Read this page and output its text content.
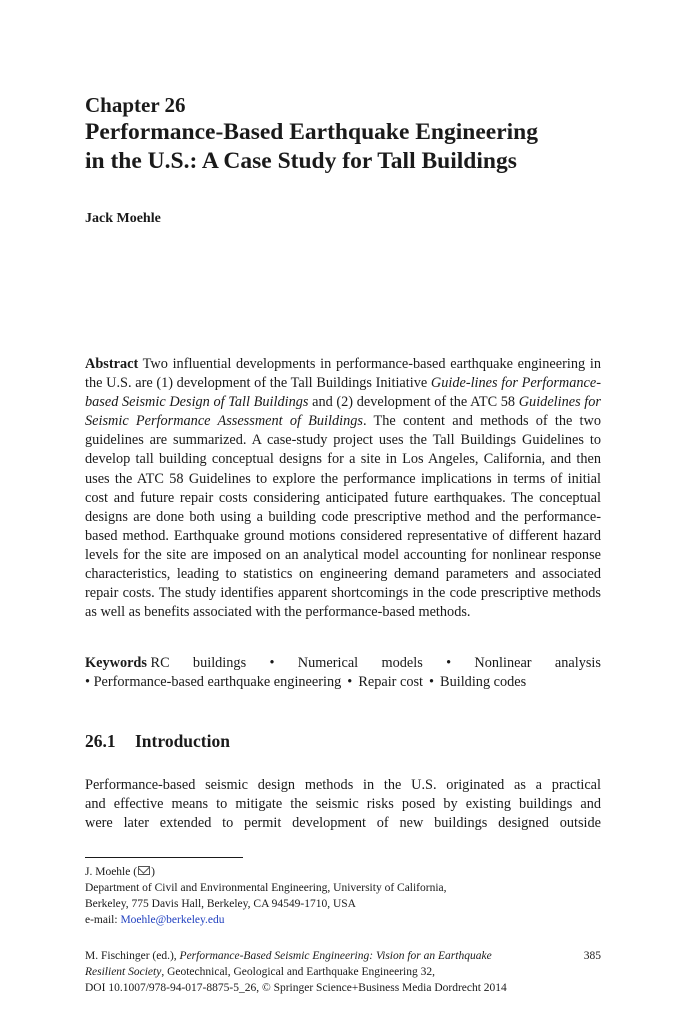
Chapter 26
Performance-Based Earthquake Engineering
in the U.S.: A Case Study for Tall Buildings
Jack Moehle
Abstract Two influential developments in performance-based earthquake engineering in the U.S. are (1) development of the Tall Buildings Initiative Guide-lines for Performance-based Seismic Design of Tall Buildings and (2) development of the ATC 58 Guidelines for Seismic Performance Assessment of Buildings. The content and methods of the two guidelines are summarized. A case-study project uses the Tall Buildings Guidelines to develop tall building conceptual designs for a site in Los Angeles, California, and then uses the ATC 58 Guidelines to explore the performance implications in terms of initial cost and future repair costs considering anticipated future earthquakes. The conceptual designs are done both using a building code prescriptive method and the performance-based method. Earthquake ground motions considered representative of different hazard levels for the site are imposed on an analytical model accounting for nonlinear response characteristics, leading to statistics on engineering demand parameters and associated repair costs. The study identifies apparent shortcomings in the code prescriptive methods as well as benefits associated with the performance-based methods.
Keywords RC buildings • Numerical models • Nonlinear analysis
• Performance-based earthquake engineering • Repair cost • Building codes
26.1 Introduction
Performance-based seismic design methods in the U.S. originated as a practical
and effective means to mitigate the seismic risks posed by existing buildings and
were later extended to permit development of new buildings designed outside
J. Moehle ( )
Department of Civil and Environmental Engineering, University of California,
Berkeley, 775 Davis Hall, Berkeley, CA 94549-1710, USA
e-mail: Moehle@berkeley.edu
M. Fischinger (ed.), Performance-Based Seismic Engineering: Vision for an Earthquake
Resilient Society, Geotechnical, Geological and Earthquake Engineering 32,
DOI 10.1007/978-94-017-8875-5_26, © Springer Science+Business Media Dordrecht 2014
385
